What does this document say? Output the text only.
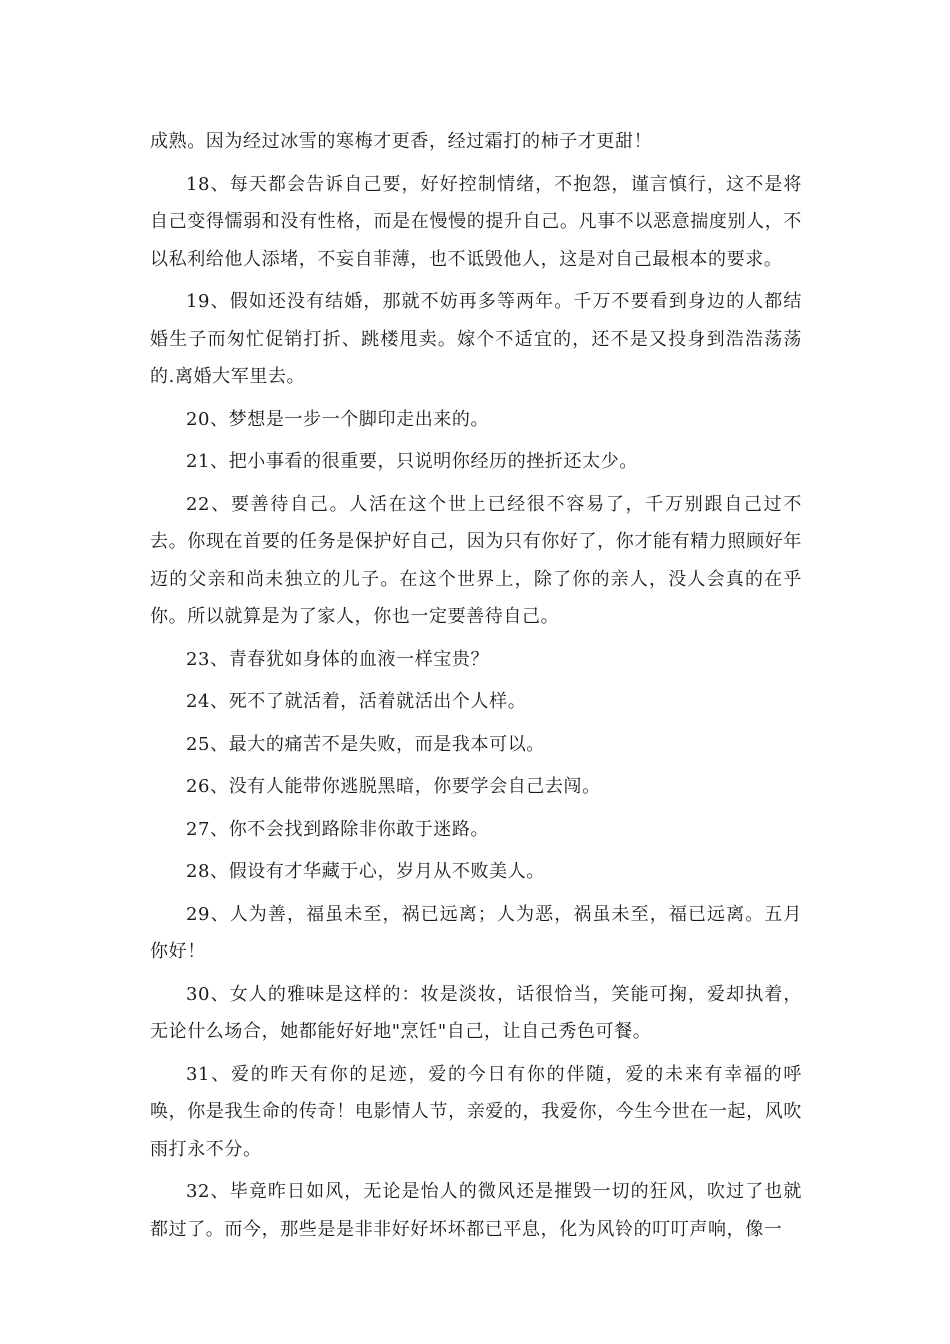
成熟。因为经过冰雪的寒梅才更香，经过霜打的柿子才更甜！

18、每天都会告诉自己要，好好控制情绪，不抱怨，谨言慎行，这不是将自己变得懦弱和没有性格，而是在慢慢的提升自己。凡事不以恶意揣度别人，不以私利给他人添堵，不妄自菲薄，也不诋毁他人，这是对自己最根本的要求。

19、假如还没有结婚，那就不妨再多等两年。千万不要看到身边的人都结婚生子而匆忙促销打折、跳楼甩卖。嫁个不适宜的，还不是又投身到浩浩荡荡的.离婚大军里去。

20、梦想是一步一个脚印走出来的。

21、把小事看的很重要，只说明你经历的挫折还太少。

22、要善待自己。人活在这个世上已经很不容易了，千万别跟自己过不去。你现在首要的任务是保护好自己，因为只有你好了，你才能有精力照顾好年迈的父亲和尚未独立的儿子。在这个世界上，除了你的亲人，没人会真的在乎你。所以就算是为了家人，你也一定要善待自己。

23、青春犹如身体的血液一样宝贵？

24、死不了就活着，活着就活出个人样。

25、最大的痛苦不是失败，而是我本可以。

26、没有人能带你逃脱黑暗，你要学会自己去闯。

27、你不会找到路除非你敢于迷路。

28、假设有才华藏于心，岁月从不败美人。

29、人为善，福虽未至，祸已远离；人为恶，祸虽未至，福已远离。五月你好！

30、女人的雅味是这样的：妆是淡妆，话很恰当，笑能可掬，爱却执着，无论什么场合，她都能好好地"烹饪"自己，让自己秀色可餐。

31、爱的昨天有你的足迹，爱的今日有你的伴随，爱的未来有幸福的呼唤，你是我生命的传奇！电影情人节，亲爱的，我爱你，今生今世在一起，风吹雨打永不分。

32、毕竟昨日如风，无论是怡人的微风还是摧毁一切的狂风，吹过了也就都过了。而今，那些是是非非好好坏坏都已平息，化为风铃的叮叮声响，像一
